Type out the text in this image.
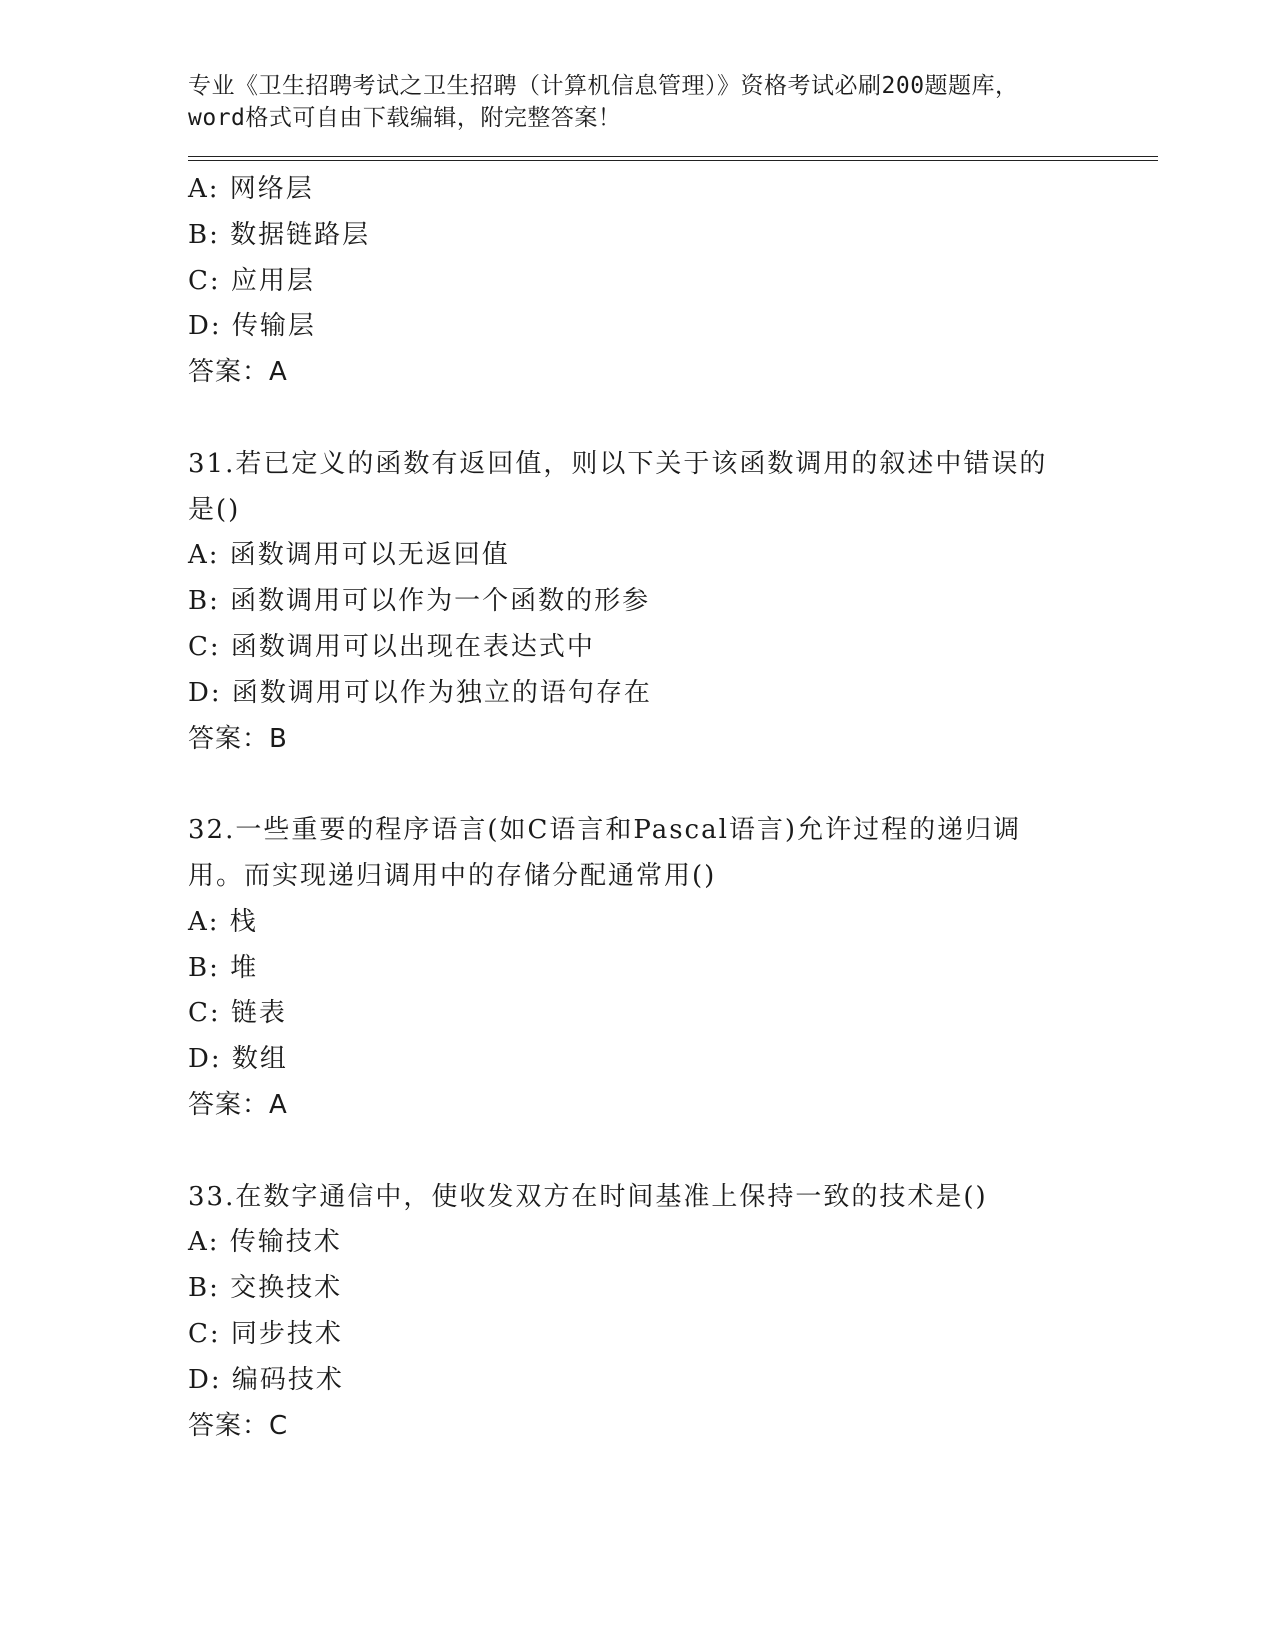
专业《卫生招聘考试之卫生招聘（计算机信息管理）》资格考试必刷200题题库，
word格式可自由下载编辑，附完整答案！
A: 网络层
B: 数据链路层
C: 应用层
D: 传输层
答案：A
31.若已定义的函数有返回值，则以下关于该函数调用的叙述中错误的
是()
A: 函数调用可以无返回值
B: 函数调用可以作为一个函数的形参
C: 函数调用可以出现在表达式中
D: 函数调用可以作为独立的语句存在
答案：B
32.一些重要的程序语言(如C语言和Pascal语言)允许过程的递归调
用。而实现递归调用中的存储分配通常用()
A: 栈
B: 堆
C: 链表
D: 数组
答案：A
33.在数字通信中，使收发双方在时间基准上保持一致的技术是()
A: 传输技术
B: 交换技术
C: 同步技术
D: 编码技术
答案：C
